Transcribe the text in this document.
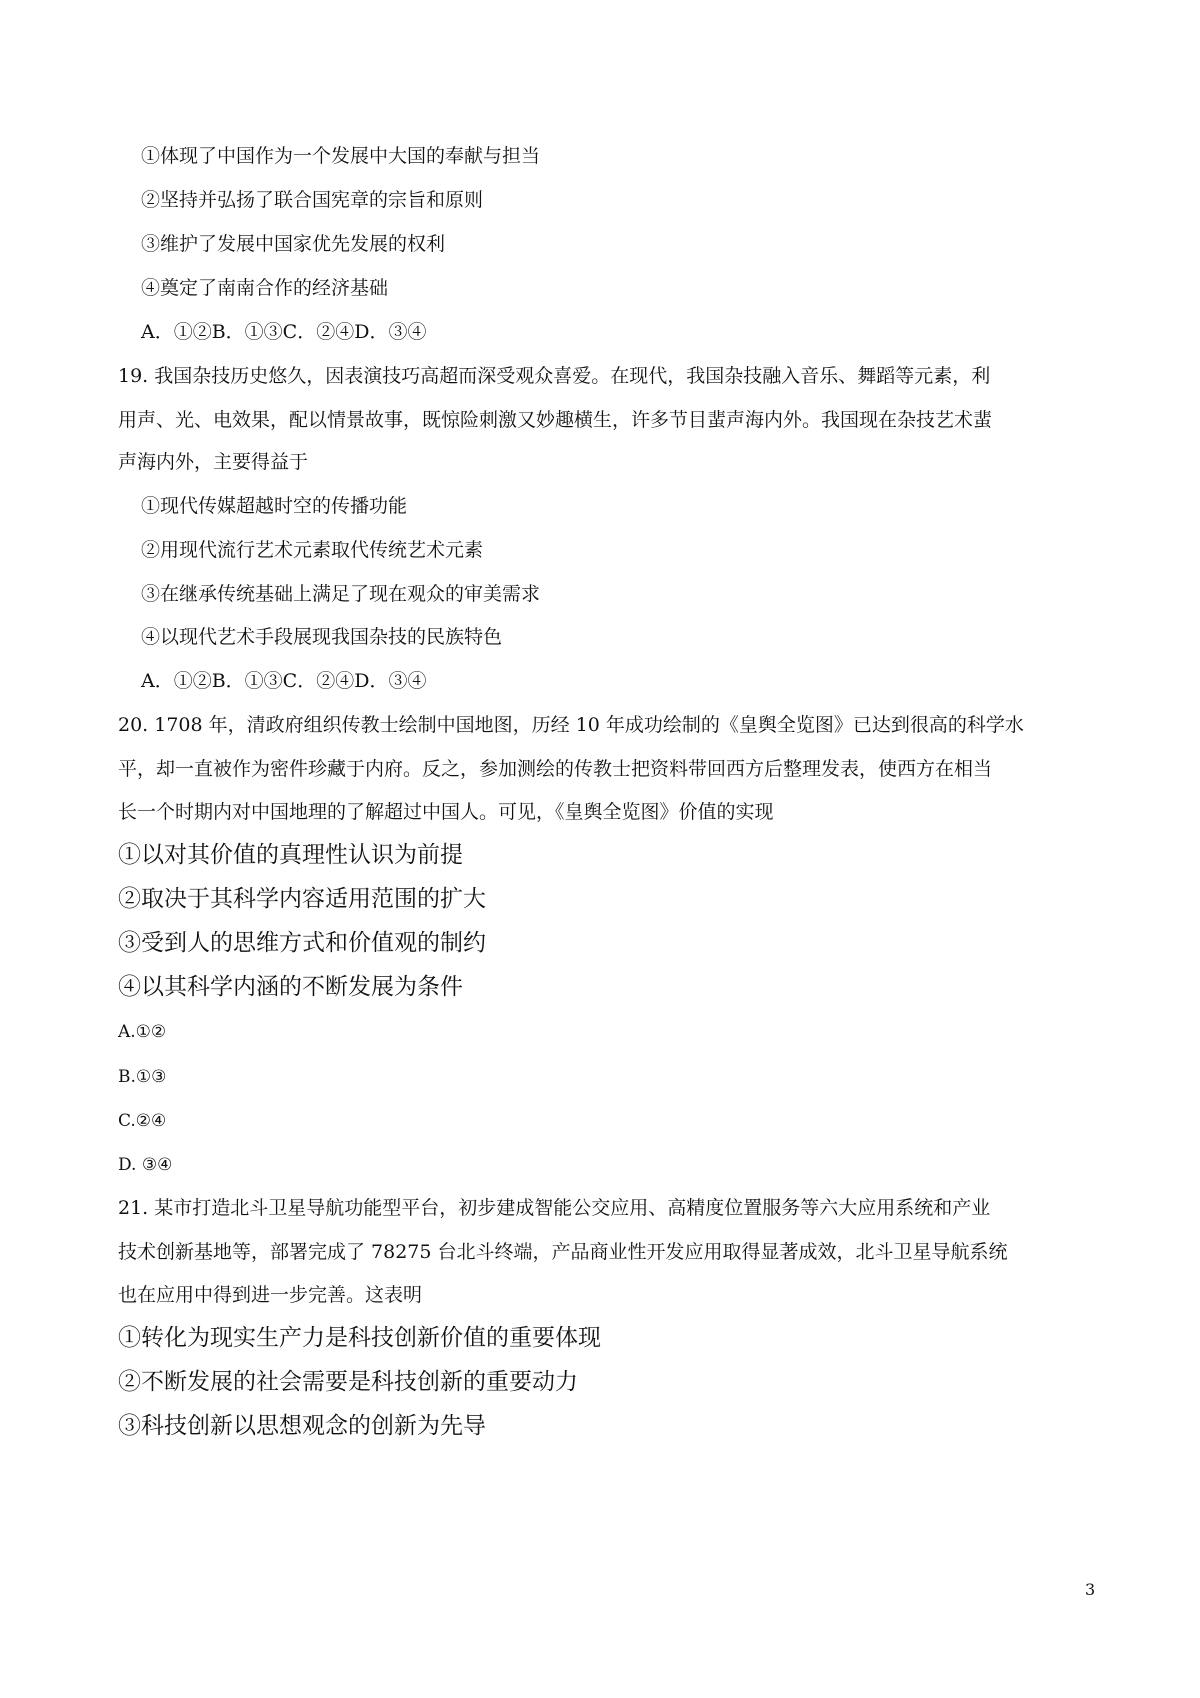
①体现了中国作为一个发展中大国的奉献与担当

②坚持并弘扬了联合国宪章的宗旨和原则

③维护了发展中国家优先发展的权利

④奠定了南南合作的经济基础

A．①②B．①③C．②④D．③④

19. 我国杂技历史悠久，因表演技巧高超而深受观众喜爱。在现代，我国杂技融入音乐、舞蹈等元素，利

用声、光、电效果，配以情景故事，既惊险刺激又妙趣横生，许多节目蜚声海内外。我国现在杂技艺术蜚

声海内外，主要得益于

①现代传媒超越时空的传播功能

②用现代流行艺术元素取代传统艺术元素

③在继承传统基础上满足了现在观众的审美需求

④以现代艺术手段展现我国杂技的民族特色

A．①②B．①③C．②④D．③④

20. 1708 年，清政府组织传教士绘制中国地图，历经 10 年成功绘制的《皇舆全览图》已达到很高的科学水

平，却一直被作为密件珍藏于内府。反之，参加测绘的传教士把资料带回西方后整理发表，使西方在相当

长一个时期内对中国地理的了解超过中国人。可见，《皇舆全览图》价值的实现

①以对其价值的真理性认识为前提

②取决于其科学内容适用范围的扩大

③受到人的思维方式和价值观的制约

④以其科学内涵的不断发展为条件

A.①②

B.①③

C.②④

D. ③④

21. 某市打造北斗卫星导航功能型平台，初步建成智能公交应用、高精度位置服务等六大应用系统和产业

技术创新基地等，部署完成了 78275 台北斗终端，产品商业性开发应用取得显著成效，北斗卫星导航系统

也在应用中得到进一步完善。这表明

①转化为现实生产力是科技创新价值的重要体现

②不断发展的社会需要是科技创新的重要动力

③科技创新以思想观念的创新为先导

3
